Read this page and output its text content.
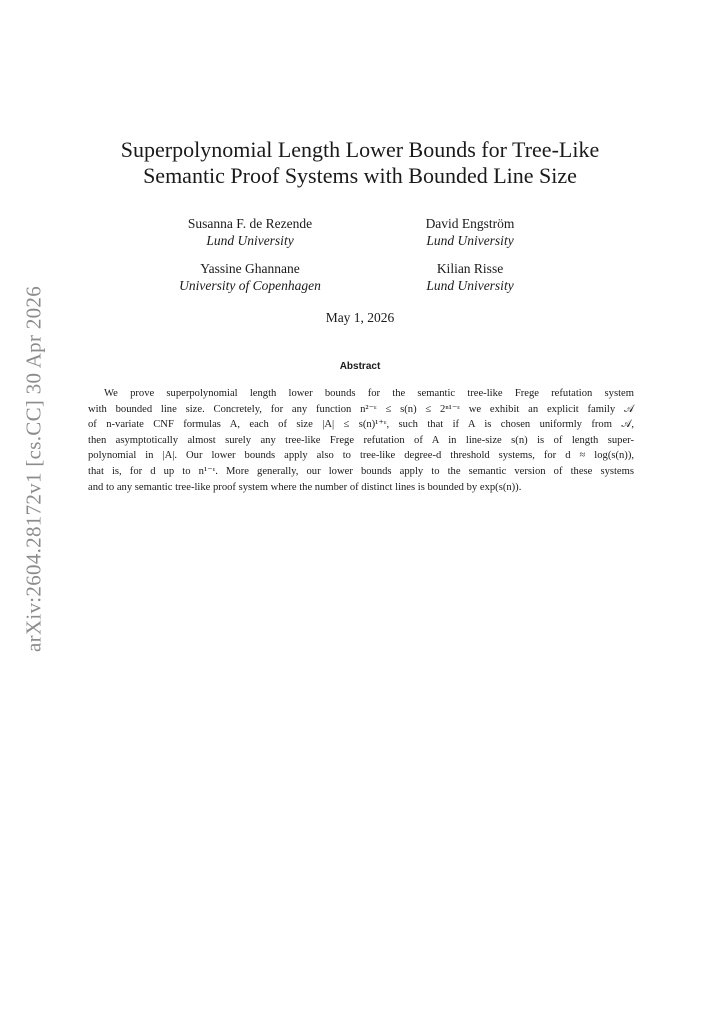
arXiv:2604.28172v1 [cs.CC] 30 Apr 2026
Superpolynomial Length Lower Bounds for Tree-Like
Semantic Proof Systems with Bounded Line Size
Susanna F. de Rezende
Lund University
David Engström
Lund University
Yassine Ghannane
University of Copenhagen
Kilian Risse
Lund University
May 1, 2026
Abstract
We prove superpolynomial length lower bounds for the semantic tree-like Frege refutation system
with bounded line size. Concretely, for any function n²⁻ᵋ ≤ s(n) ≤ 2ⁿ¹⁻ᵋ we exhibit an explicit family 𝒜
of n-variate CNF formulas A, each of size |A| ≤ s(n)¹⁺ᵋ, such that if A is chosen uniformly from 𝒜,
then asymptotically almost surely any tree-like Frege refutation of A in line-size s(n) is of length super-
polynomial in |A|. Our lower bounds apply also to tree-like degree-d threshold systems, for d ≈ log(s(n)),
that is, for d up to n¹⁻ᵋ. More generally, our lower bounds apply to the semantic version of these systems
and to any semantic tree-like proof system where the number of distinct lines is bounded by exp(s(n)).
